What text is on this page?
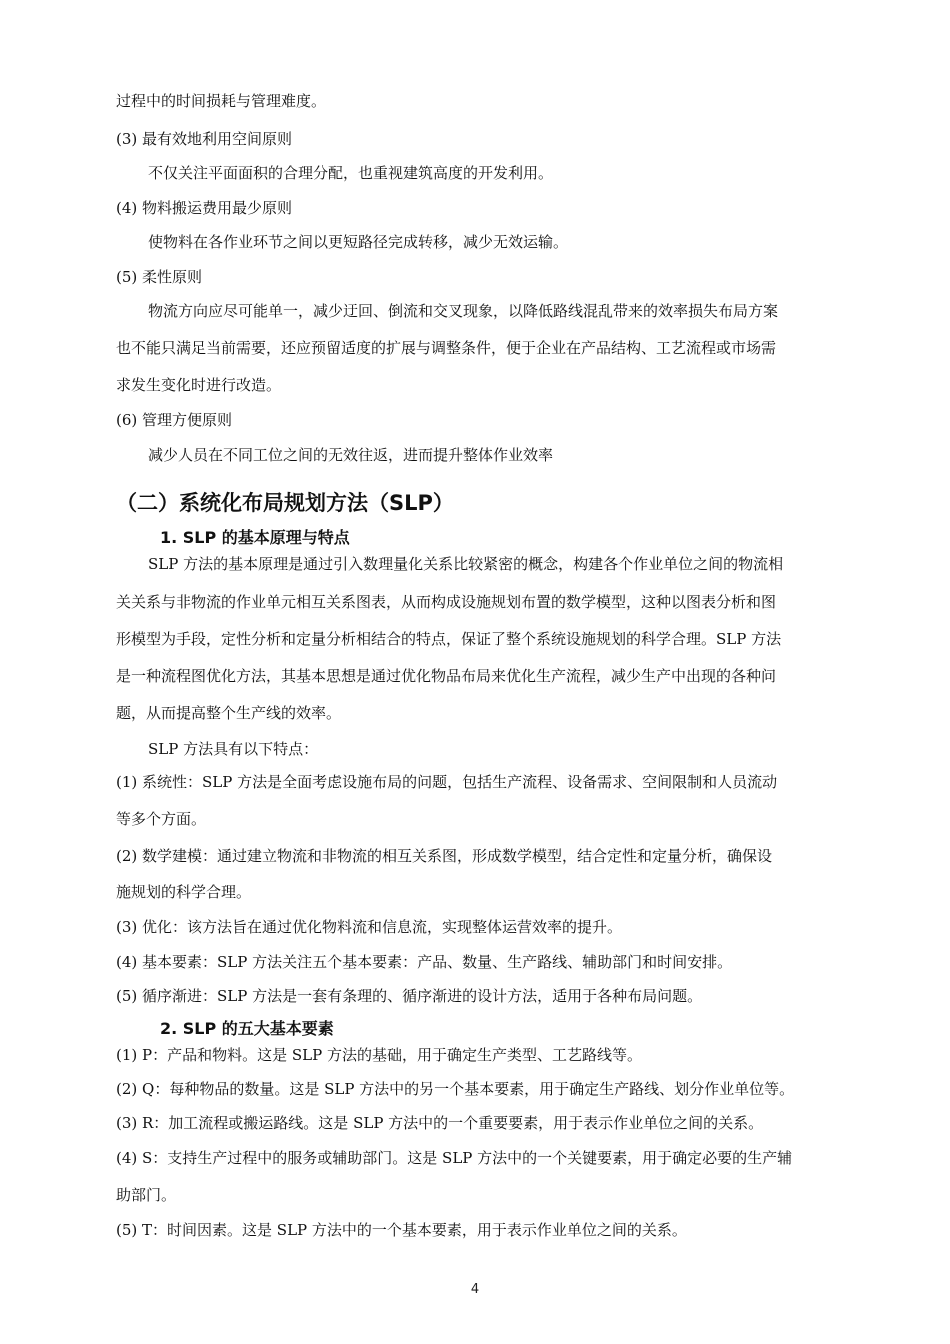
过程中的时间损耗与管理难度。
(3) 最有效地利用空间原则
不仅关注平面面积的合理分配，也重视建筑高度的开发利用。
(4) 物料搬运费用最少原则
使物料在各作业环节之间以更短路径完成转移，减少无效运输。
(5) 柔性原则
物流方向应尽可能单一，减少迂回、倒流和交叉现象，以降低路线混乱带来的效率损失布局方案
也不能只满足当前需要，还应预留适度的扩展与调整条件，便于企业在产品结构、工艺流程或市场需
求发生变化时进行改造。
(6) 管理方便原则
减少人员在不同工位之间的无效往返，进而提升整体作业效率
（二）系统化布局规划方法（SLP）
1. SLP 的基本原理与特点
SLP 方法的基本原理是通过引入数理量化关系比较紧密的概念，构建各个作业单位之间的物流相
关关系与非物流的作业单元相互关系图表，从而构成设施规划布置的数学模型，这种以图表分析和图
形模型为手段，定性分析和定量分析相结合的特点，保证了整个系统设施规划的科学合理。SLP 方法
是一种流程图优化方法，其基本思想是通过优化物品布局来优化生产流程，减少生产中出现的各种问
题，从而提高整个生产线的效率。
SLP 方法具有以下特点：
(1) 系统性：SLP 方法是全面考虑设施布局的问题，包括生产流程、设备需求、空间限制和人员流动
等多个方面。
(2) 数学建模：通过建立物流和非物流的相互关系图，形成数学模型，结合定性和定量分析，确保设
施规划的科学合理。
(3) 优化：该方法旨在通过优化物料流和信息流，实现整体运营效率的提升。
(4) 基本要素：SLP 方法关注五个基本要素：产品、数量、生产路线、辅助部门和时间安排。
(5) 循序渐进：SLP 方法是一套有条理的、循序渐进的设计方法，适用于各种布局问题。
2. SLP 的五大基本要素
(1) P：产品和物料。这是 SLP 方法的基础，用于确定生产类型、工艺路线等。
(2) Q：每种物品的数量。这是 SLP 方法中的另一个基本要素，用于确定生产路线、划分作业单位等。
(3) R：加工流程或搬运路线。这是 SLP 方法中的一个重要要素，用于表示作业单位之间的关系。
(4) S：支持生产过程中的服务或辅助部门。这是 SLP 方法中的一个关键要素，用于确定必要的生产辅
助部门。
(5) T：时间因素。这是 SLP 方法中的一个基本要素，用于表示作业单位之间的关系。
4
